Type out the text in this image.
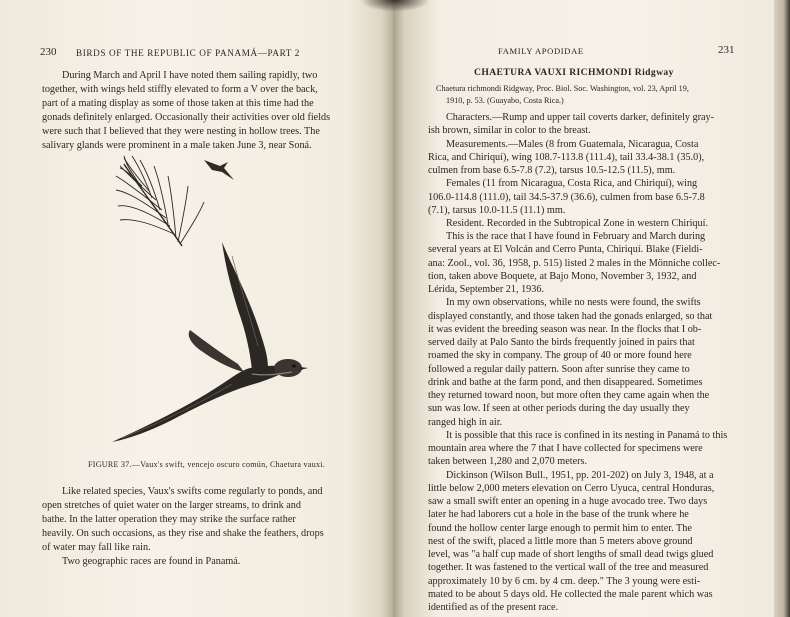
230 BIRDS OF THE REPUBLIC OF PANAMÁ—PART 2
During March and April I have noted them sailing rapidly, two
together, with wings held stiffly elevated to form a V over the back,
part of a mating display as some of those taken at this time had the
gonads definitely enlarged. Occasionally their activities over old fields
were such that I believed that they were nesting in hollow trees. The
salivary glands were prominent in a male taken June 3, near Soná.
FIGURE 37.—Vaux's swift, vencejo oscuro común, Chaetura vauxi.
Like related species, Vaux's swifts come regularly to ponds, and
open stretches of quiet water on the larger streams, to drink and
bathe. In the latter operation they may strike the surface rather
heavily. On such occasions, as they rise and shake the feathers, drops
of water may fall like rain.
Two geographic races are found in Panamá.
FAMILY APODIDAE	231
CHAETURA VAUXI RICHMONDI Ridgway
Chaetura richmondi Ridgway, Proc. Biol. Soc. Washington, vol. 23, April 19,
1910, p. 53. (Guayabo, Costa Rica.)
Characters.—Rump and upper tail coverts darker, definitely gray-
ish brown, similar in color to the breast.
Measurements.—Males (8 from Guatemala, Nicaragua, Costa
Rica, and Chiriquí), wing 108.7-113.8 (111.4), tail 33.4-38.1 (35.0),
culmen from base 6.5-7.8 (7.2), tarsus 10.5-12.5 (11.5), mm.
Females (11 from Nicaragua, Costa Rica, and Chiriquí), wing
106.0-114.8 (111.0), tail 34.5-37.9 (36.6), culmen from base 6.5-7.8
(7.1), tarsus 10.0-11.5 (11.1) mm.
Resident. Recorded in the Subtropical Zone in western Chiriquí.
This is the race that I have found in February and March during
several years at El Volcán and Cerro Punta, Chiriquí. Blake (Fieldi-
ana: Zool., vol. 36, 1958, p. 515) listed 2 males in the Mönniche collec-
tion, taken above Boquete, at Bajo Mono, November 3, 1932, and
Lérida, September 21, 1936.
In my own observations, while no nests were found, the swifts
displayed constantly, and those taken had the gonads enlarged, so that
it was evident the breeding season was near. In the flocks that I ob-
served daily at Palo Santo the birds frequently joined in pairs that
roamed the sky in company. The group of 40 or more found here
followed a regular daily pattern. Soon after sunrise they came to
drink and bathe at the farm pond, and then disappeared. Sometimes
they returned toward noon, but more often they came again when the
sun was low. If seen at other periods during the day usually they
ranged high in air.
It is possible that this race is confined in its nesting in Panamá to this
mountain area where the 7 that I have collected for specimens were
taken between 1,280 and 2,070 meters.
Dickinson (Wilson Bull., 1951, pp. 201-202) on July 3, 1948, at a
little below 2,000 meters elevation on Cerro Uyuca, central Honduras,
saw a small swift enter an opening in a huge avocado tree. Two days
later he had laborers cut a hole in the base of the trunk where he
found the hollow center large enough to permit him to enter. The
nest of the swift, placed a little more than 5 meters above ground
level, was "a half cup made of short lengths of small dead twigs glued
together. It was fastened to the vertical wall of the tree and measured
approximately 10 by 6 cm. by 4 cm. deep." The 3 young were esti-
mated to be about 5 days old. He collected the male parent which was
identified as of the present race.
